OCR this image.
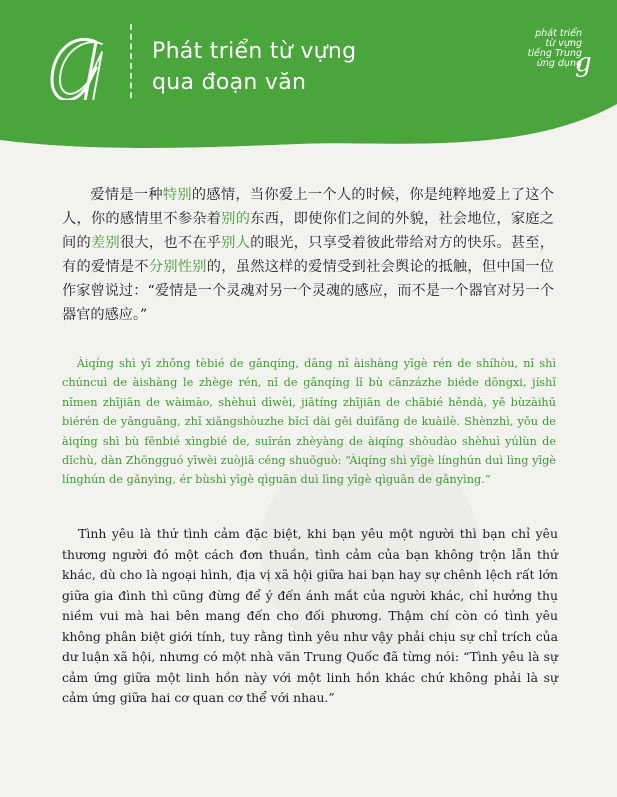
Phát triển từ vựng
qua đoạn văn
phát triển
từ vựng
tiếng Trung
ứng dụng
g

爱情是一种特别的感情，当你爱上一个人的时候，你是纯粹地爱上了这个人，你的感情里不参杂着别的东西，即使你们之间的外貌，社会地位，家庭之间的差别很大，也不在乎别人的眼光，只享受着彼此带给对方的快乐。甚至，有的爱情是不分别性别的，虽然这样的爱情受到社会舆论的抵触，但中国一位作家曾说过：“爱情是一个灵魂对另一个灵魂的感应，而不是一个器官对另一个器官的感应。”

Àiqíng shì yī zhǒng tèbié de gǎnqíng, dāng nǐ àishàng yīgè rén de shíhòu, nǐ shì chúncuì de àishàng le zhège rén, nǐ de gǎnqíng lǐ bù cānzázhe biéde dōngxi, jíshǐ nǐmen zhījiān de wàimào, shèhuì dìwèi, jiātíng zhījiān de chābié hěndà, yě bùzàihū biérén de yǎnguāng, zhǐ xiǎngshòuzhe bǐcǐ dài gěi duìfāng de kuàilè. Shènzhì, yǒu de àiqíng shì bù fēnbié xìngbié de, suīrán zhèyàng de àiqíng shòudào shèhuì yúlùn de dǐchù, dàn Zhōngguó yīwèi zuòjiā céng shuōguò: “Àiqíng shì yīgè línghún duì lìng yīgè línghún de gǎnyìng, ér bùshì yīgè qìguān duì lìng yīgè qìguān de gǎnyìng.”

Tình yêu là thứ tình cảm đặc biệt, khi bạn yêu một người thì bạn chỉ yêu thương người đó một cách đơn thuần, tình cảm của bạn không trộn lẫn thứ khác, dù cho là ngoại hình, địa vị xã hội giữa hai bạn hay sự chênh lệch rất lớn giữa gia đình thì cũng đừng để ý đến ánh mắt của người khác, chỉ hưởng thụ niềm vui mà hai bên mang đến cho đối phương. Thậm chí còn có tình yêu không phân biệt giới tính, tuy rằng tình yêu như vậy phải chịu sự chỉ trích của dư luận xã hội, nhưng có một nhà văn Trung Quốc đã từng nói: “Tình yêu là sự cảm ứng giữa một linh hồn này với một linh hồn khác chứ không phải là sự cảm ứng giữa hai cơ quan cơ thể với nhau.”
